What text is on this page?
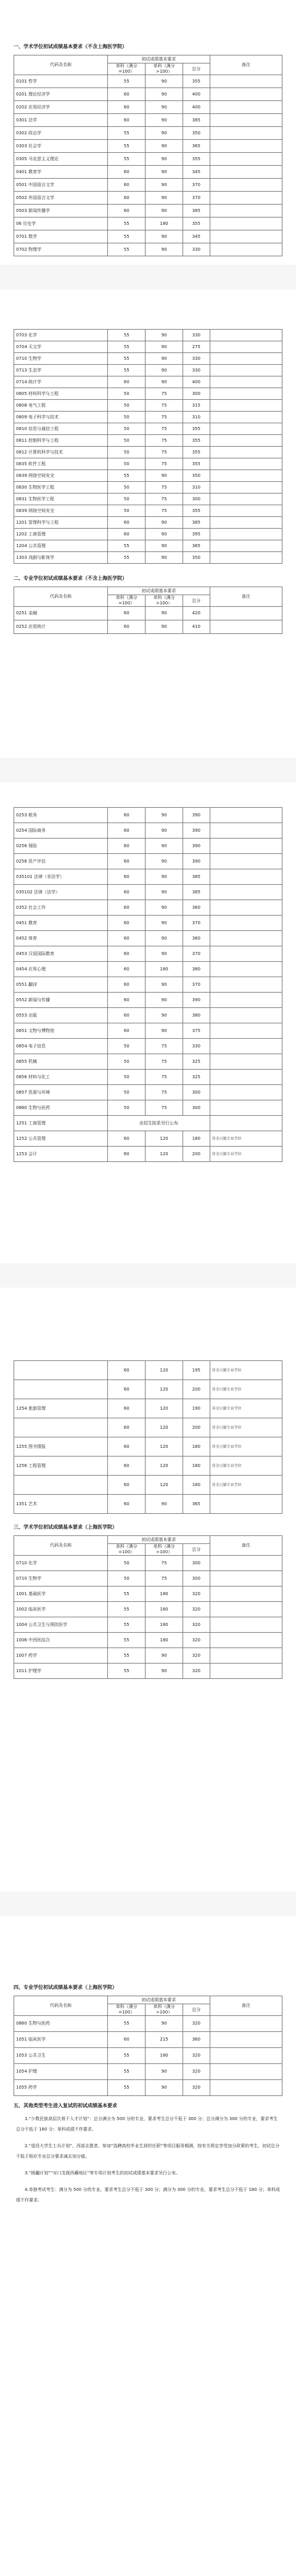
一、学术学位初试成绩基本要求（不含上海医学院）
代码及名称	初试成绩基本要求			备注
	单科（满分=100）	单科（满分>100）	总分	
0101 哲学	55	90	355	
0201 理论经济学	60	90	400	
0202 应用经济学	60	90	400	
0301 法学	60	90	385	
0302 政治学	55	90	350	
0303 社会学	55	90	365	
0305 马克思主义理论	55	90	355	
0401 教育学	60	90	345	
0501 中国语言文学	60	90	370	
0502 外国语言文学	60	90	370	
0503 新闻传播学	60	90	385	
06 历史学	55	180	355	
0701 数学	55	90	345	
0702 物理学	55	90	330	
0703 化学	55	90	330	
0704 天文学	55	90	275	
0710 生物学	55	90	330	
0713 生态学	55	90	330	
0714 统计学	60	90	400	
0805 材料科学与工程	50	75	300	
0808 电气工程	50	75	315	
0809 电子科学与技术	50	75	310	
0810 信息与通信工程	50	75	355	
0811 控制科学与工程	50	75	355	
0812 计算机科学与技术	50	75	355	
0835 软件工程	50	75	355	
0839 网络空间安全	55	90	350	
0830 生物医学工程	50	75	310	
0831 生物医学工程	50	75	300	
0839 网络空间安全	50	75	355	
1201 管理科学与工程	60	90	385	
1202 工商管理	60	90	395	
1204 公共管理	55	90	365	
1303 戏剧与影视学	55	90	350	
二、专业学位初试成绩基本要求（不含上海医学院）
代码及名称	初试成绩基本要求			备注
	单科（满分=100）	单科（满分>100）	总分	
0251 金融	60	90	420	
0252 应用统计	60	90	410	
0253 税务	60	90	390	
0254 国际商务	60	90	390	
0256 保险	60	90	390	
0256 资产评估	60	90	390	
035101 法律（非法学）	60	90	385	
035102 法律（法学）	60	90	385	
0352 社会工作	60	90	360	
0451 教育	60	90	370	
0452 体育	60	90	360	
0453 汉语国际教育	60	90	370	
0454 应用心理	60	180	380	
0551 翻译	60	90	370	
0552 新闻与传播	60	90	390	
0553 出版	60	90	380	
0651 文物与博物馆	60	90	375	
0854 电子信息	50	75	330	
0855 机械	50	75	325	
0856 材料与化工	50	75	325	
0857 资源与环境	50	75	300	
0860 生物与医药	50	75	300	
1251 工商管理	由招生院系另行公布			
1252 公共管理	60	120	180	非全日制专业学位
1253 会计	60	120	200	非全日制专业学位
	60	120	195	非全日制专业学位
	60	120	200	非全日制专业学位
1254 旅游管理	60	120	190	非全日制专业学位
	60	120	200	非全日制专业学位
1255 图书情报	60	120	180	非全日制专业学位
1256 工程管理	60	120	180	非全日制专业学位
	60	120	180	非全日制专业学位
1351 艺术	60	90	365	
三、学术学位初试成绩基本要求（上海医学院）
代码及名称	初试成绩基本要求			备注
	单科（满分=100）	单科（满分>100）	总分	
0710 化学	50	75	300	
0710 生物学	50	75	300	
1001 基础医学	55	180	320	
1002 临床医学	55	180	320	
1004 公共卫生与预防医学	55	180	320	
1006 中西医结合	55	180	320	
1007 药学	55	90	320	
1011 护理学	55	90	320	
四、专业学位初试成绩基本要求（上海医学院）
代码及名称	初试成绩基本要求			备注
	单科（满分=100）	单科（满分>100）	总分	
0860 生物与医药	55	90	320	
1051 临床医学	60	215	360	
1053 公共卫生	55	180	320	
1054 护理	55	90	320	
1055 药学	55	90	320	
五、其他类型考生进入复试的初试成绩基本要求

1.“少数民族高层次骨干人才计划”：总分满分为 500 分的专业，要求考生总分不低于 300 分；总分满分为 300 分的专业，要求考生总分不低于 180 分；单科成绩不作要求。

2.“退役大学生士兵计划”、西部志愿者、参加“选聘高校毕业生到村任职”等项目服务期满，按有关规定享受加分政策的考生，初试总分不低于相应专业总分要求减去加分值。

3.“援疆计划”“对口支援西藏地区”等专项计划考生的初试成绩基本要求另行公布。

4.单独考试考生：满分为 500 分的专业，要求考生总分不低于 300 分；满分为 300 分的专业，要求考生总分不低于 180 分；单科成绩不作要求。
